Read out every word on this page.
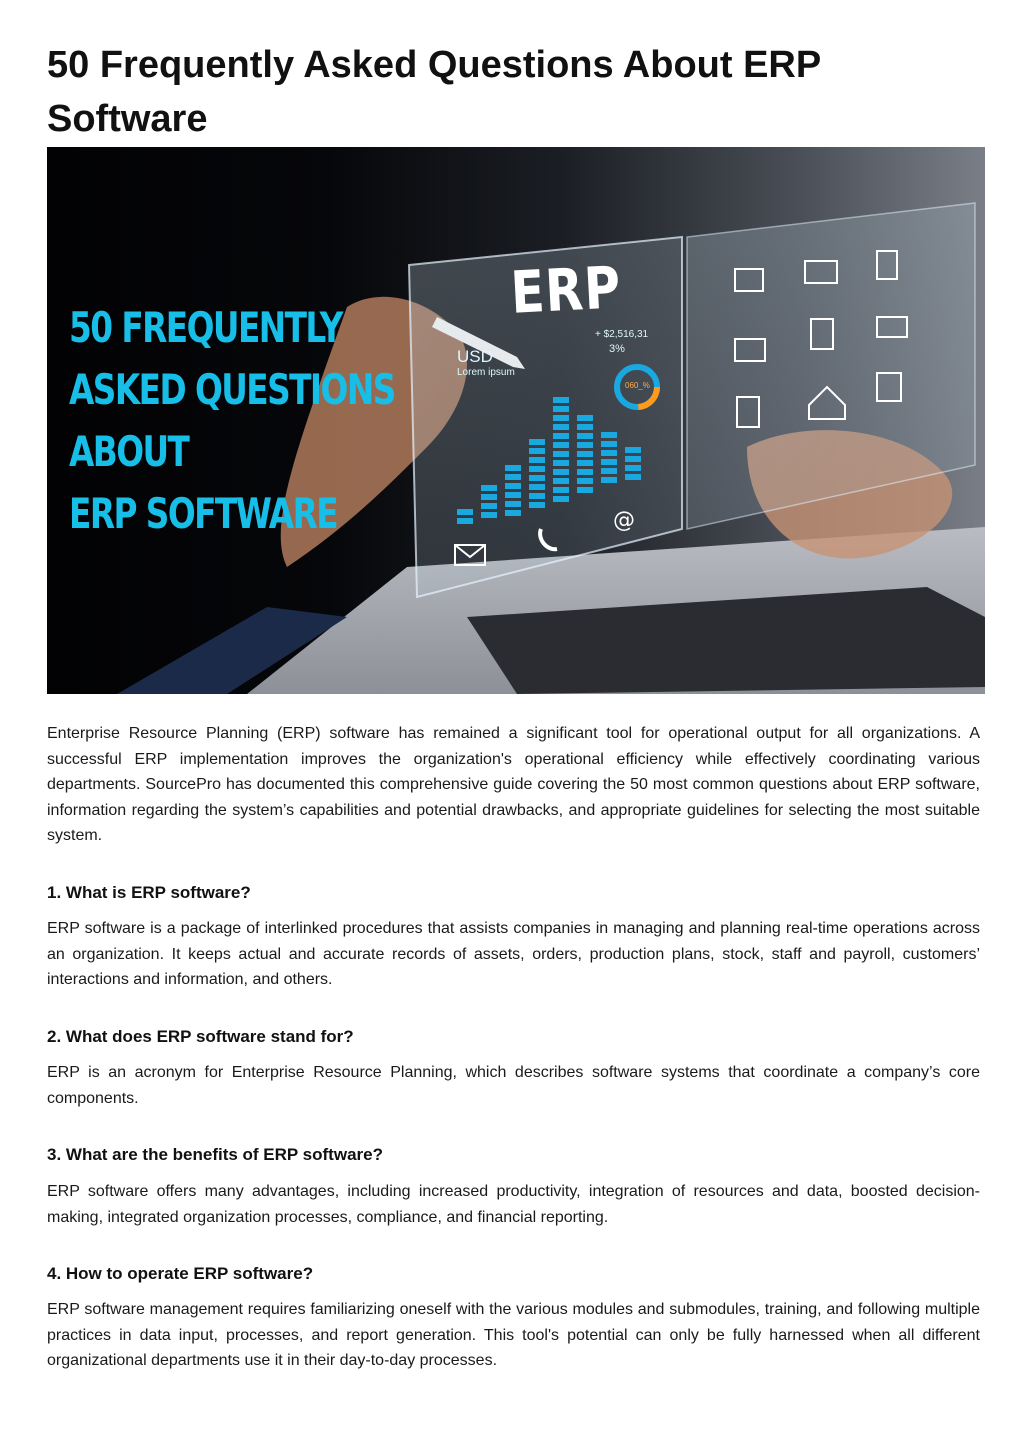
50 Frequently Asked Questions About ERP Software
@
50 FREQUENTLY
ASKED QUESTIONS
ABOUT
ERP SOFTWARE
ERP
USD
Lorem ipsum
+ $2,516,31
3%
060_%

Enterprise Resource Planning (ERP) software has remained a significant tool for operational output for all organizations. A successful ERP implementation improves the organization's operational efficiency while effectively coordinating various departments. SourcePro has documented this comprehensive guide covering the 50 most common questions about ERP software, information regarding the system’s capabilities and potential drawbacks, and appropriate guidelines for selecting the most suitable system.

1. What is ERP software?

ERP software is a package of interlinked procedures that assists companies in managing and planning real-time operations across an organization. It keeps actual and accurate records of assets, orders, production plans, stock, staff and payroll, customers’ interactions and information, and others.

2. What does ERP software stand for?

ERP is an acronym for Enterprise Resource Planning, which describes software systems that coordinate a company’s core components.

3. What are the benefits of ERP software?

ERP software offers many advantages, including increased productivity, integration of resources and data, boosted decision-making, integrated organization processes, compliance, and financial reporting.

4. How to operate ERP software?

ERP software management requires familiarizing oneself with the various modules and submodules, training, and following multiple practices in data input, processes, and report generation. This tool's potential can only be fully harnessed when all different organizational departments use it in their day-to-day processes.
